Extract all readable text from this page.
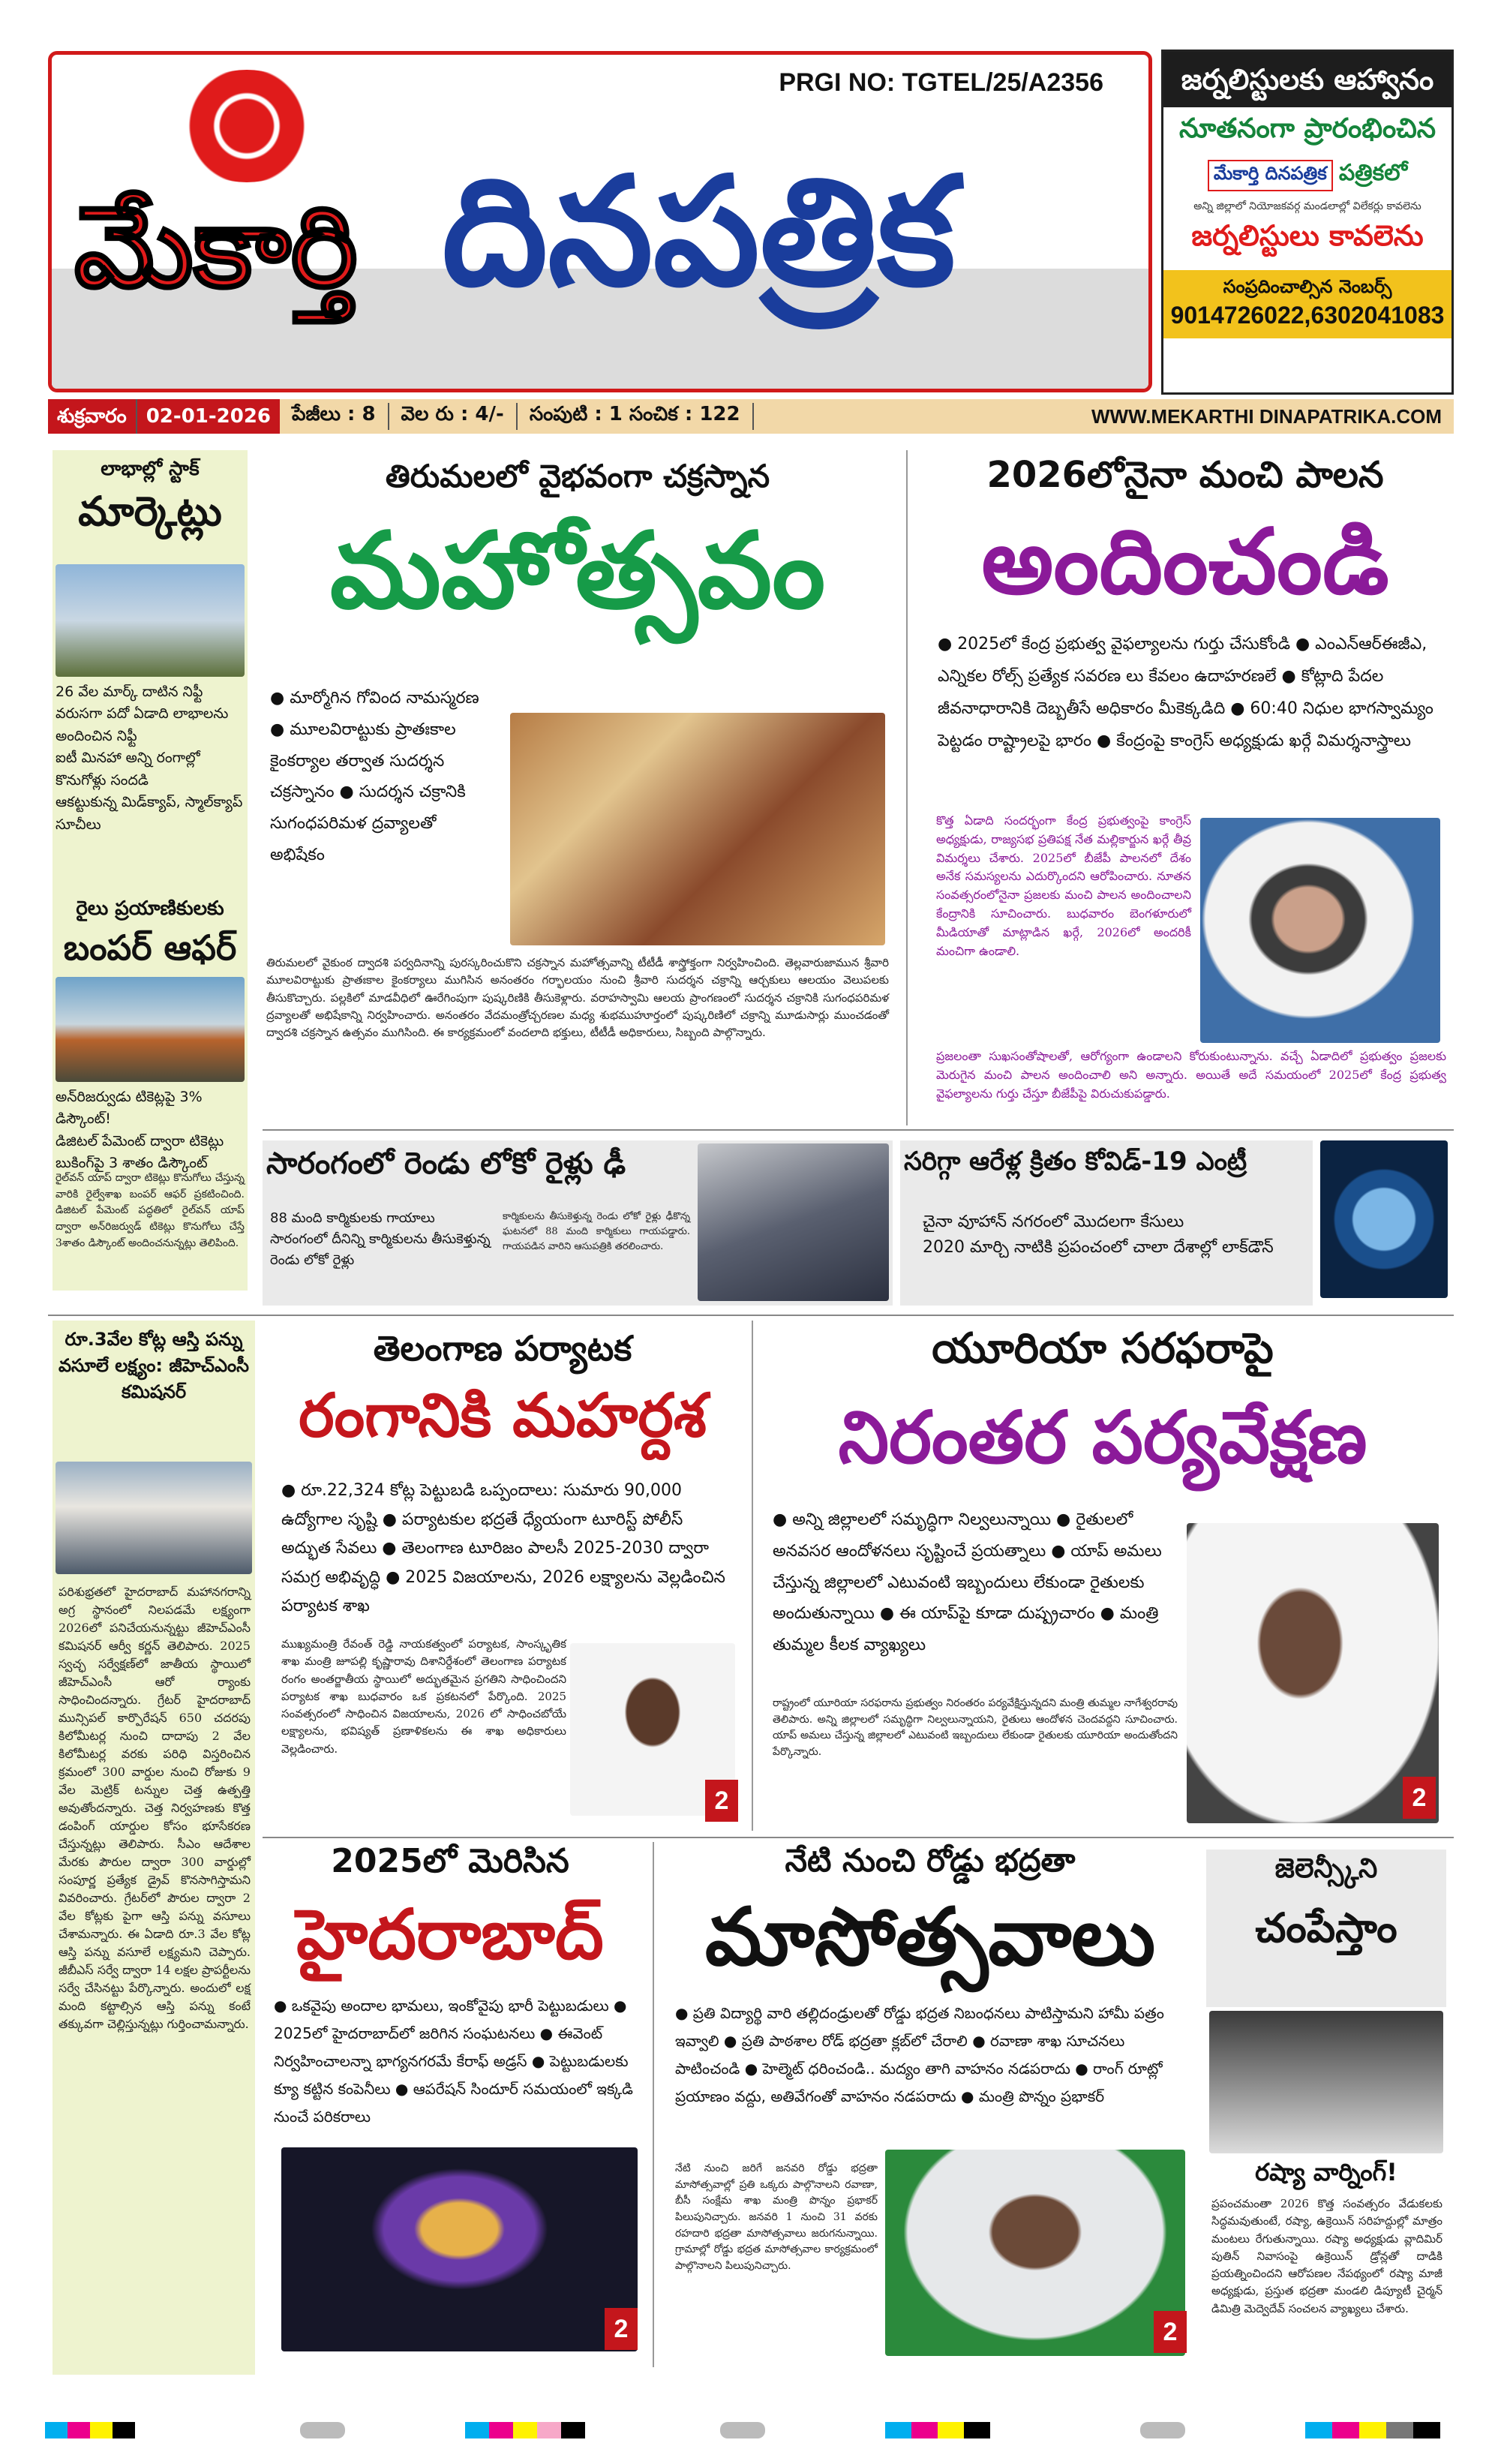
PRGI NO: TGTEL/25/A2356
మేకార్తి దినపత్రిక
జర్నలిస్టులకు ఆహ్వానం
నూతనంగా ప్రారంభించిన
మేకార్తి దినపత్రిక పత్రికలో
అన్ని జిల్లాలో నియోజకవర్గ మండలాల్లో విలేకర్లు కావలెను
జర్నలిస్టులు కావలెను
సంప్రదించాల్సిన నెంబర్స్
9014726022,6302041083
శుక్రవారం	02-01-2026	పేజీలు : 8	వెల రు : 4/-	సంపుటి : 1 సంచిక : 122	WWW.MEKARTHI DINAPATRIKA.COM
లాభాల్లో స్టాక్
మార్కెట్లు
26 వేల మార్క్ దాటిన నిఫ్టీ
వరుసగా పదో ఏడాది లాభాలను అందించిన నిఫ్టీ
ఐటీ మినహా అన్ని రంగాల్లో కొనుగోళ్లు సందడి
ఆకట్టుకున్న మిడ్‌క్యాప్, స్మాల్‌క్యాప్ సూచీలు
రైలు ప్రయాణికులకు
బంపర్ ఆఫర్
అన్‌రిజర్వుడు టికెట్లపై 3% డిస్కౌంట్!
డిజిటల్ పేమెంట్ ద్వారా టికెట్లు బుకింగ్‌పై 3 శాతం డిస్కౌంట్
రైల్‌వన్ యాప్ ద్వారా టికెట్లు కొనుగోలు చేస్తున్న వారికి రైల్వేశాఖ బంపర్ ఆఫర్ ప్రకటించింది. డిజిటల్ పేమెంట్ పద్ధతిలో రైల్‌వన్ యాప్ ద్వారా అన్‌రిజర్వుడ్ టికెట్లు కొనుగోలు చేస్తే 3శాతం డిస్కౌంట్ అందించనున్నట్లు తెలిపింది.
తిరుమలలో వైభవంగా చక్రస్నాన
మహోత్సవం
● మార్మోగిన గోవింద నామస్మరణ ● మూలవిరాట్టుకు ప్రాతఃకాల కైంకర్యాల తర్వాత సుదర్శన చక్రస్నానం ● సుదర్శన చక్రానికి సుగంధపరిమళ ద్రవ్యాలతో అభిషేకం
తిరుమలలో వైకుంఠ ద్వాదశి పర్వదినాన్ని పురస్కరించుకొని చక్రస్నాన మహోత్సవాన్ని టీటీడీ శాస్త్రోక్తంగా నిర్వహించింది. తెల్లవారుజామున శ్రీవారి మూలవిరాట్టుకు ప్రాతఃకాల కైంకర్యాలు ముగిసిన అనంతరం గర్భాలయం నుంచి శ్రీవారి సుదర్శన చక్రాన్ని ఆర్చకులు ఆలయం వెలుపలకు తీసుకొచ్చారు. పల్లకిలో మాడవీధిలో ఊరేగింపుగా పుష్కరిణికి తీసుకెళ్లారు. వరాహస్వామి ఆలయ ప్రాంగణంలో సుదర్శన చక్రానికి సుగంధపరిమళ ద్రవ్యాలతో అభిషేకాన్ని నిర్వహించారు. అనంతరం వేదమంత్రోచ్చరణల మధ్య శుభముహూర్తంలో పుష్కరిణిలో చక్రాన్ని మూడుసార్లు ముంచడంతో ద్వాదశి చక్రస్నాన ఉత్సవం ముగిసింది. ఈ కార్యక్రమంలో వందలాది భక్తులు, టీటీడీ అధికారులు, సిబ్బంది పాల్గొన్నారు.
2026లోనైనా మంచి పాలన
అందించండి
● 2025లో కేంద్ర ప్రభుత్వ వైఫల్యాలను గుర్తు చేసుకోండి ● ఎంఎన్ఆర్ఈజీఎ, ఎన్నికల రోల్స్ ప్రత్యేక సవరణ లు కేవలం ఉదాహరణలే ● కోట్లాది పేదల జీవనాధారానికి దెబ్బతీసే అధికారం మీకెక్కడిది ● 60:40 నిధుల భాగస్వామ్యం పెట్టడం రాష్ట్రాలపై భారం ● కేంద్రంపై కాంగ్రెస్ అధ్యక్షుడు ఖర్గే విమర్శనాస్త్రాలు
కొత్త ఏడాది సందర్భంగా కేంద్ర ప్రభుత్వంపై కాంగ్రెస్ అధ్యక్షుడు, రాజ్యసభ ప్రతిపక్ష నేత మల్లికార్జున ఖర్గే తీవ్ర విమర్శలు చేశారు. 2025లో బీజేపీ పాలనలో దేశం అనేక సమస్యలను ఎదుర్కొందని ఆరోపించారు. నూతన సంవత్సరంలోనైనా ప్రజలకు మంచి పాలన అందించాలని కేంద్రానికి సూచించారు. బుధవారం బెంగళూరులో మీడియాతో మాట్లాడిన ఖర్గే, 2026లో అందరికీ మంచిగా ఉండాలి.
ప్రజలంతా సుఖసంతోషాలతో, ఆరోగ్యంగా ఉండాలని కోరుకుంటున్నాను. వచ్చే ఏడాదిలో ప్రభుత్వం ప్రజలకు మెరుగైన మంచి పాలన అందించాలి అని అన్నారు. అయితే అదే సమయంలో 2025లో కేంద్ర ప్రభుత్వ వైఫల్యాలను గుర్తు చేస్తూ బీజేపీపై విరుచుకుపడ్డారు.
సారంగంలో రెండు లోకో రైళ్లు ఢీ
88 మంది కార్మికులకు గాయాలు
సారంగంలో దీనిన్ని కార్మికులను తీసుకెళ్తున్న రెండు లోకో రైళ్లు
కార్మికులను తీసుకెళ్తున్న రెండు లోకో రైళ్లు ఢీకొన్న ఘటనలో 88 మంది కార్మికులు గాయపడ్డారు. గాయపడిన వారిని ఆసుపత్రికి తరలించారు.
సరిగ్గా ఆరేళ్ల క్రితం కోవిడ్-19 ఎంట్రీ
చైనా వూహాన్ నగరంలో మొదలగా కేసులు
2020 మార్చి నాటికి ప్రపంచంలో చాలా దేశాల్లో లాక్‌డౌన్
రూ.3వేల కోట్ల ఆస్తి పన్ను వసూలే లక్ష్యం: జీహెచ్ఎంసీ కమిషనర్
పరిశుభ్రతలో హైదరాబాద్ మహానగరాన్ని అగ్ర స్థానంలో నిలపడమే లక్ష్యంగా 2026లో పనిచేయనున్నట్టు జీహెచ్ఎంసీ కమిషనర్ ఆర్వీ కర్ణన్ తెలిపారు. 2025 స్వచ్ఛ సర్వేక్షణ్‌లో జాతీయ స్థాయిలో జీహెచ్ఎంసీ ఆరో ర్యాంకు సాధించిందన్నారు. గ్రేటర్ హైదరాబాద్ మున్సిపల్ కార్పొరేషన్ 650 చదరపు కిలోమీటర్ల నుంచి దాదాపు 2 వేల కిలోమీటర్ల వరకు పరిధి విస్తరించిన క్రమంలో 300 వార్డుల నుంచి రోజుకు 9 వేల మెట్రిక్ టన్నుల చెత్త ఉత్పత్తి అవుతోందన్నారు. చెత్త నిర్వహణకు కొత్త డంపింగ్ యార్డుల కోసం భూసేకరణ చేస్తున్నట్లు తెలిపారు. సీఎం ఆదేశాల మేరకు పౌరుల ద్వారా 300 వార్డుల్లో సంపూర్ణ ప్రత్యేక డ్రైవ్ కొనసాగిస్తామని వివరించారు. గ్రేటర్‌లో పౌరుల ద్వారా 2 వేల కోట్లకు పైగా ఆస్తి పన్ను వసూలు చేశామన్నారు. ఈ ఏడాది రూ.3 వేల కోట్ల ఆస్తి పన్ను వసూలే లక్ష్యమని చెప్పారు. జీబీఎస్ సర్వే ద్వారా 14 లక్షల ప్రాపర్టీలను సర్వే చేసినట్టు పేర్కొన్నారు. అందులో లక్ష మంది కట్టాల్సిన ఆస్తి పన్ను కంటే తక్కువగా చెల్లిస్తున్నట్లు గుర్తించామన్నారు.
తెలంగాణ పర్యాటక
రంగానికి మహర్దశ
● రూ.22,324 కోట్ల పెట్టుబడి ఒప్పందాలు: సుమారు 90,000 ఉద్యోగాల సృష్టి ● పర్యాటకుల భద్రతే ధ్యేయంగా టూరిస్ట్ పోలీస్ అద్భుత సేవలు ● తెలంగాణ టూరిజం పాలసీ 2025-2030 ద్వారా సమగ్ర అభివృద్ధి ● 2025 విజయాలను, 2026 లక్ష్యాలను వెల్లడించిన పర్యాటక శాఖ
ముఖ్యమంత్రి రేవంత్ రెడ్డి నాయకత్వంలో పర్యాటక, సాంస్కృతిక శాఖ మంత్రి జూపల్లి కృష్ణారావు దిశానిర్దేశంలో తెలంగాణ పర్యాటక రంగం అంతర్జాతీయ స్థాయిలో అద్భుతమైన ప్రగతిని సాధించిందని పర్యాటక శాఖ బుధవారం ఒక ప్రకటనలో పేర్కొంది. 2025 సంవత్సరంలో సాధించిన విజయాలను, 2026 లో సాధించబోయే లక్ష్యాలను, భవిష్యత్ ప్రణాళికలను ఈ శాఖ అధికారులు వెల్లడించారు.
2
యూరియా సరఫరాపై
నిరంతర పర్యవేక్షణ
● అన్ని జిల్లాలలో సమృద్ధిగా నిల్వలున్నాయి ● రైతులలో అనవసర ఆందోళనలు సృష్టించే ప్రయత్నాలు ● యాప్ అమలు చేస్తున్న జిల్లాలలో ఎటువంటి ఇబ్బందులు లేకుండా రైతులకు అందుతున్నాయి ● ఈ యాప్‌పై కూడా దుష్ప్రచారం ● మంత్రి తుమ్మల కీలక వ్యాఖ్యలు
రాష్ట్రంలో యూరియా సరఫరాను ప్రభుత్వం నిరంతరం పర్యవేక్షిస్తున్నదని మంత్రి తుమ్మల నాగేశ్వరరావు తెలిపారు. అన్ని జిల్లాలలో సమృద్ధిగా నిల్వలున్నాయని, రైతులు ఆందోళన చెందవద్దని సూచించారు. యాప్ అమలు చేస్తున్న జిల్లాలలో ఎటువంటి ఇబ్బందులు లేకుండా రైతులకు యూరియా అందుతోందని పేర్కొన్నారు.
2
2025లో మెరిసిన
హైదరాబాద్
● ఒకవైపు అందాల భామలు, ఇంకోవైపు భారీ పెట్టుబడులు ● 2025లో హైదరాబాద్‌లో జరిగిన సంఘటనలు ● ఈవెంట్ నిర్వహించాలన్నా భాగ్యనగరమే కేరాఫ్ అడ్రస్ ● పెట్టుబడులకు క్యూ కట్టిన కంపెనీలు ● ఆపరేషన్ సిందూర్ సమయంలో ఇక్కడి నుంచే పరికరాలు
2
నేటి నుంచి రోడ్డు భద్రతా
మాసోత్సవాలు
● ప్రతి విద్యార్థి వారి తల్లిదండ్రులతో రోడ్డు భద్రత నిబంధనలు పాటిస్తామని హామీ పత్రం ఇవ్వాలి ● ప్రతి పాఠశాల రోడ్ భద్రతా క్లబ్‌లో చేరాలి ● రవాణా శాఖ సూచనలు పాటించండి ● హెల్మెట్ ధరించండి.. మద్యం తాగి వాహనం నడపరాదు ● రాంగ్ రూట్లో ప్రయాణం వద్దు, అతివేగంతో వాహనం నడపరాదు ● మంత్రి పొన్నం ప్రభాకర్
నేటి నుంచి జరిగే జనవరి రోడ్డు భద్రతా మాసోత్సవాల్లో ప్రతి ఒక్కరు పాల్గొనాలని రవాణా, బీసీ సంక్షేమ శాఖ మంత్రి పొన్నం ప్రభాకర్ పిలుపునిచ్చారు. జనవరి 1 నుంచి 31 వరకు రహదారి భద్రతా మాసోత్సవాలు జరుగనున్నాయి. గ్రామాల్లో రోడ్డు భద్రత మాసోత్సవాల కార్యక్రమంలో పాల్గొనాలని పిలుపునిచ్చారు.
2
జెలెన్స్కీని
చంపేస్తాం
రష్యా వార్నింగ్!
ప్రపంచమంతా 2026 కొత్త సంవత్సరం వేడుకలకు సిద్ధమవుతుంటే, రష్యా, ఉక్రెయిన్ సరిహద్దుల్లో మాత్రం మంటలు రేగుతున్నాయి. రష్యా అధ్యక్షుడు వ్లాదిమిర్ పుతిన్ నివాసంపై ఉక్రెయిన్ డ్రోన్లతో దాడికి ప్రయత్నించిందని ఆరోపణల నేపథ్యంలో రష్యా మాజీ అధ్యక్షుడు, ప్రస్తుత భద్రతా మండలి డిప్యూటీ చైర్మన్ డిమిత్రి మెద్వెదేవ్ సంచలన వ్యాఖ్యలు చేశారు.
